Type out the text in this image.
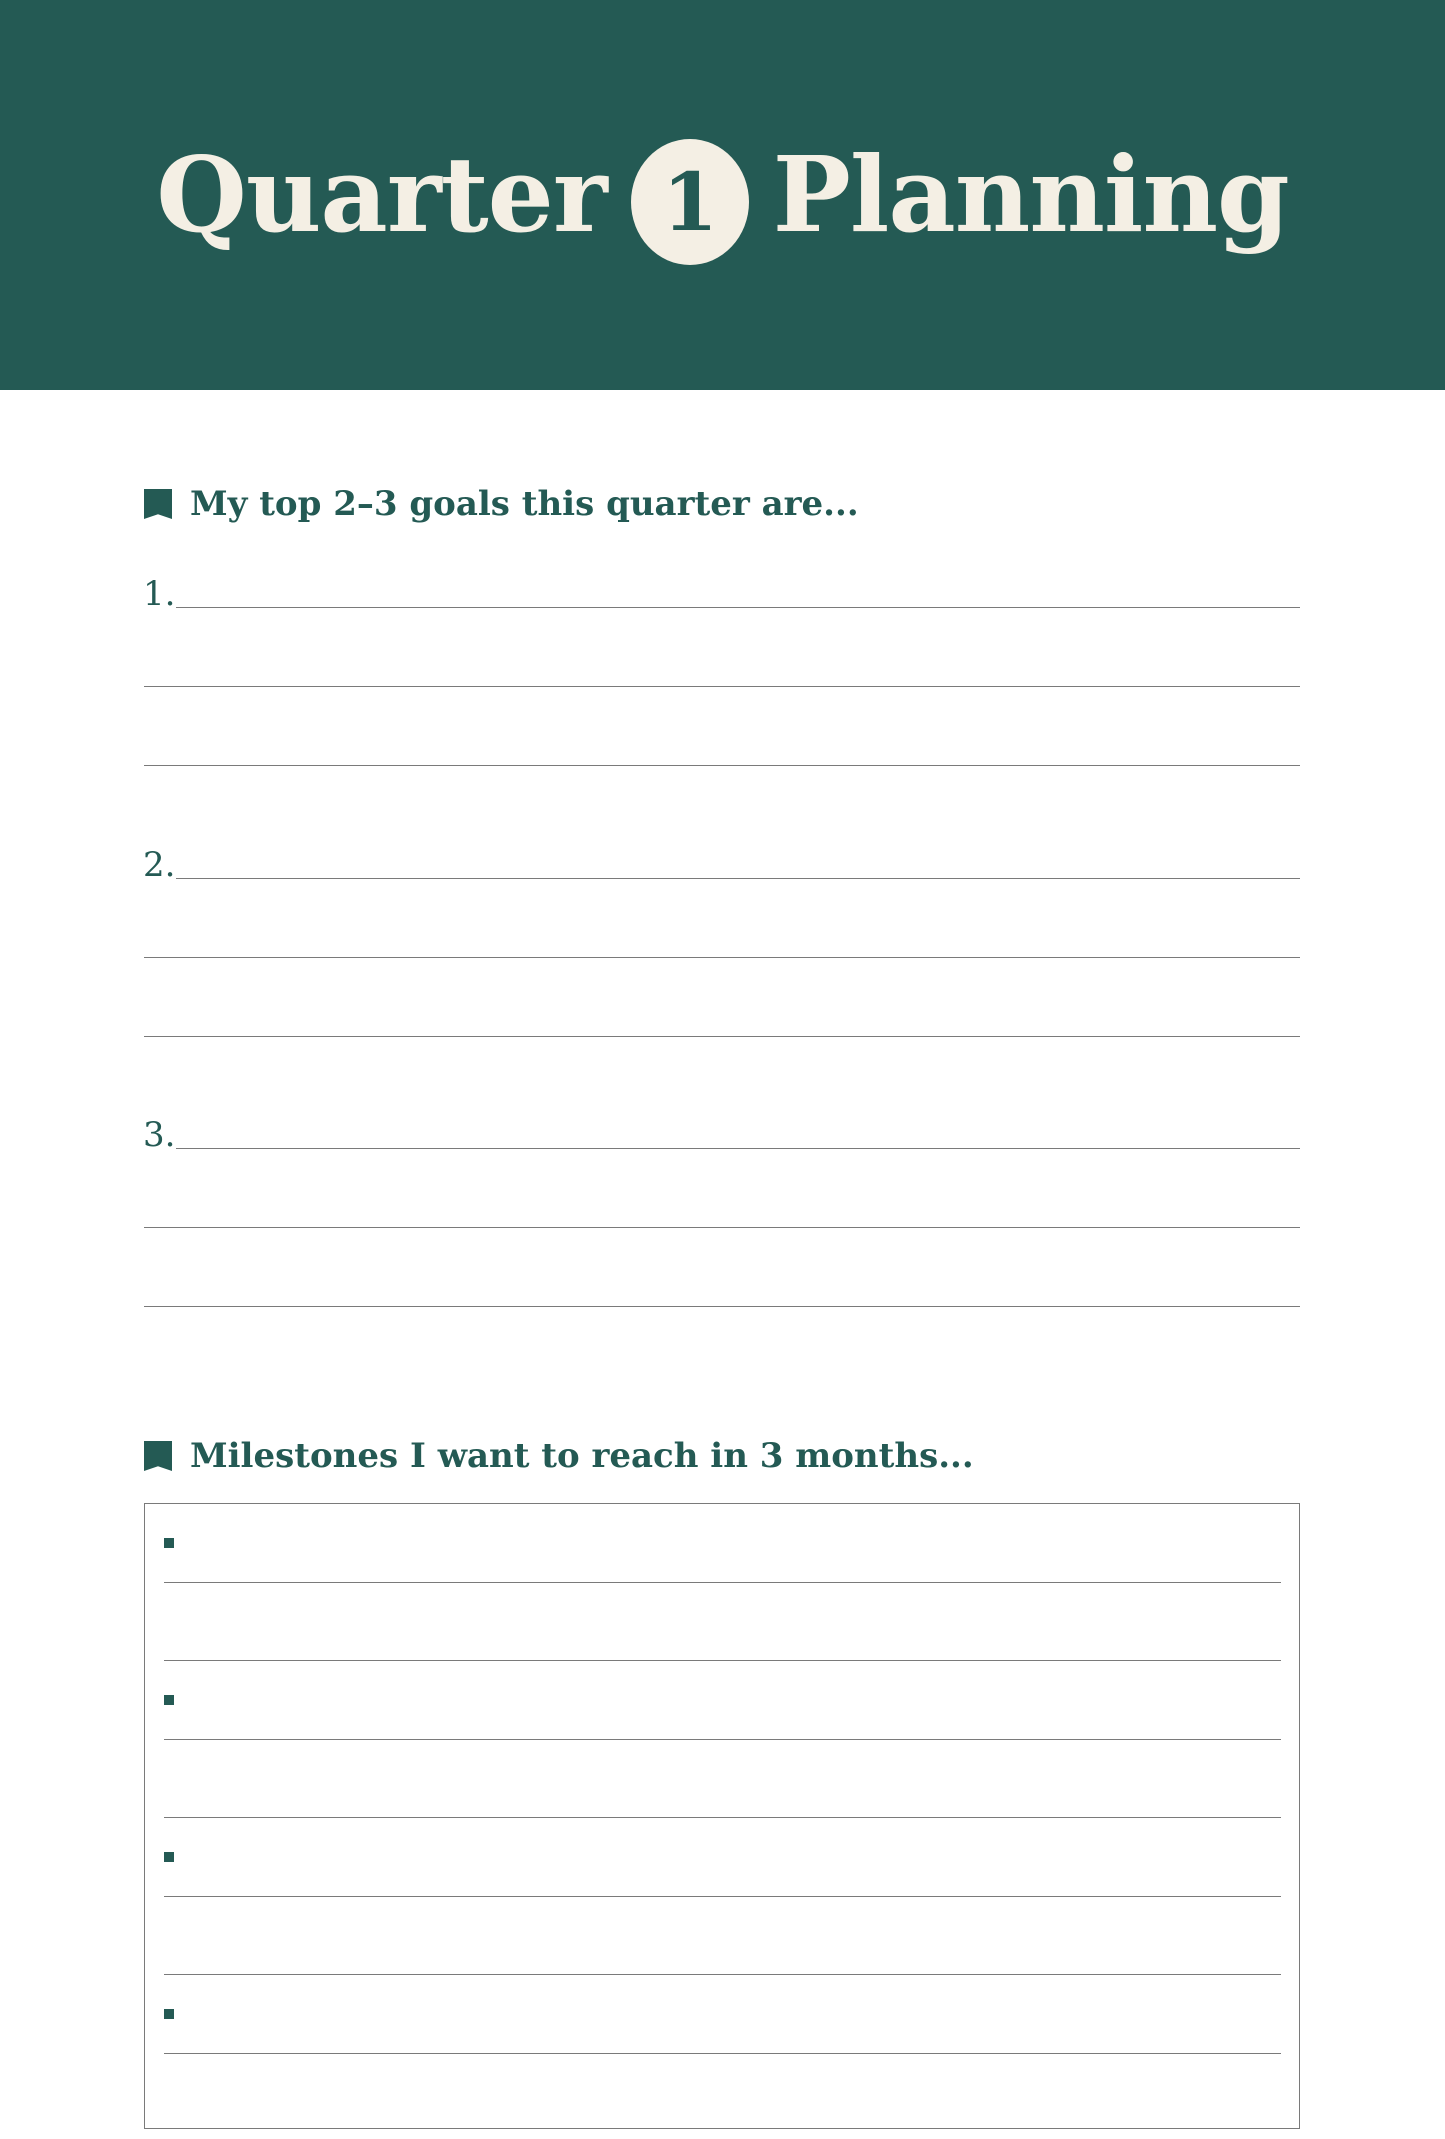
Quarter 1 Planning
My top 2–3 goals this quarter are...
1.
2.
3.
Milestones I want to reach in 3 months...
